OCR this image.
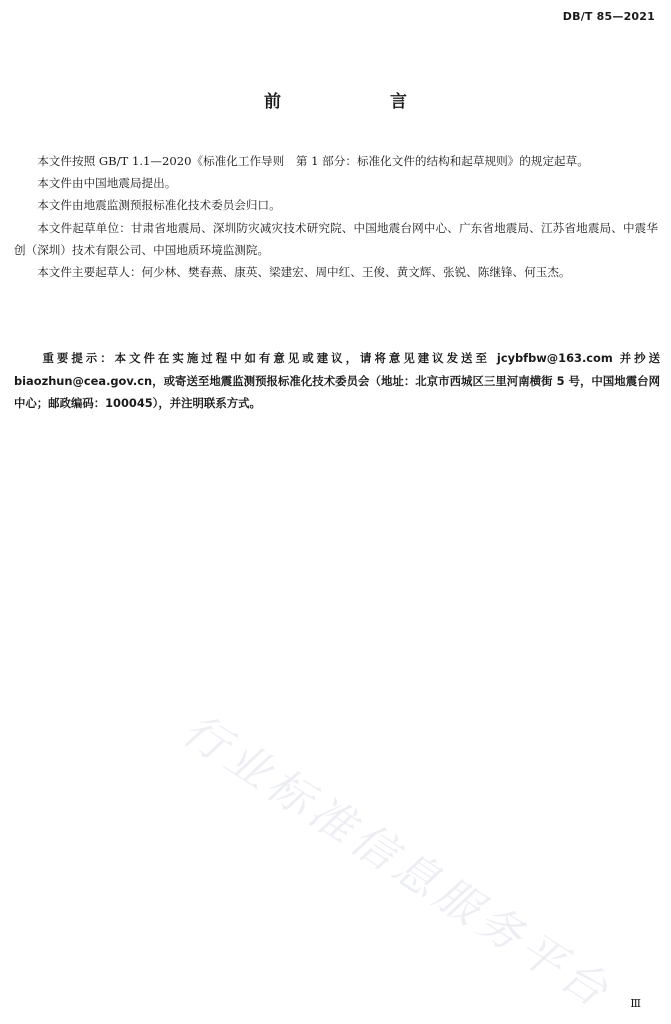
DB/T 85—2021
前　言

本文件按照 GB/T 1.1—2020《标准化工作导则　第 1 部分：标准化文件的结构和起草规则》的规定起草。

本文件由中国地震局提出。

本文件由地震监测预报标准化技术委员会归口。

本文件起草单位：甘肃省地震局、深圳防灾减灾技术研究院、中国地震台网中心、广东省地震局、江苏省地震局、中震华创（深圳）技术有限公司、中国地质环境监测院。

本文件主要起草人：何少林、樊春燕、康英、梁建宏、周中红、王俊、黄文辉、张锐、陈继锋、何玉杰。

重要提示：本文件在实施过程中如有意见或建议，请将意见建议发送至 jcybfbw@163.com 并抄送 biaozhun@cea.gov.cn，或寄送至地震监测预报标准化技术委员会（地址：北京市西城区三里河南横街 5 号，中国地震台网中心；邮政编码：100045），并注明联系方式。
行业标准信息服务平台 Ⅲ
